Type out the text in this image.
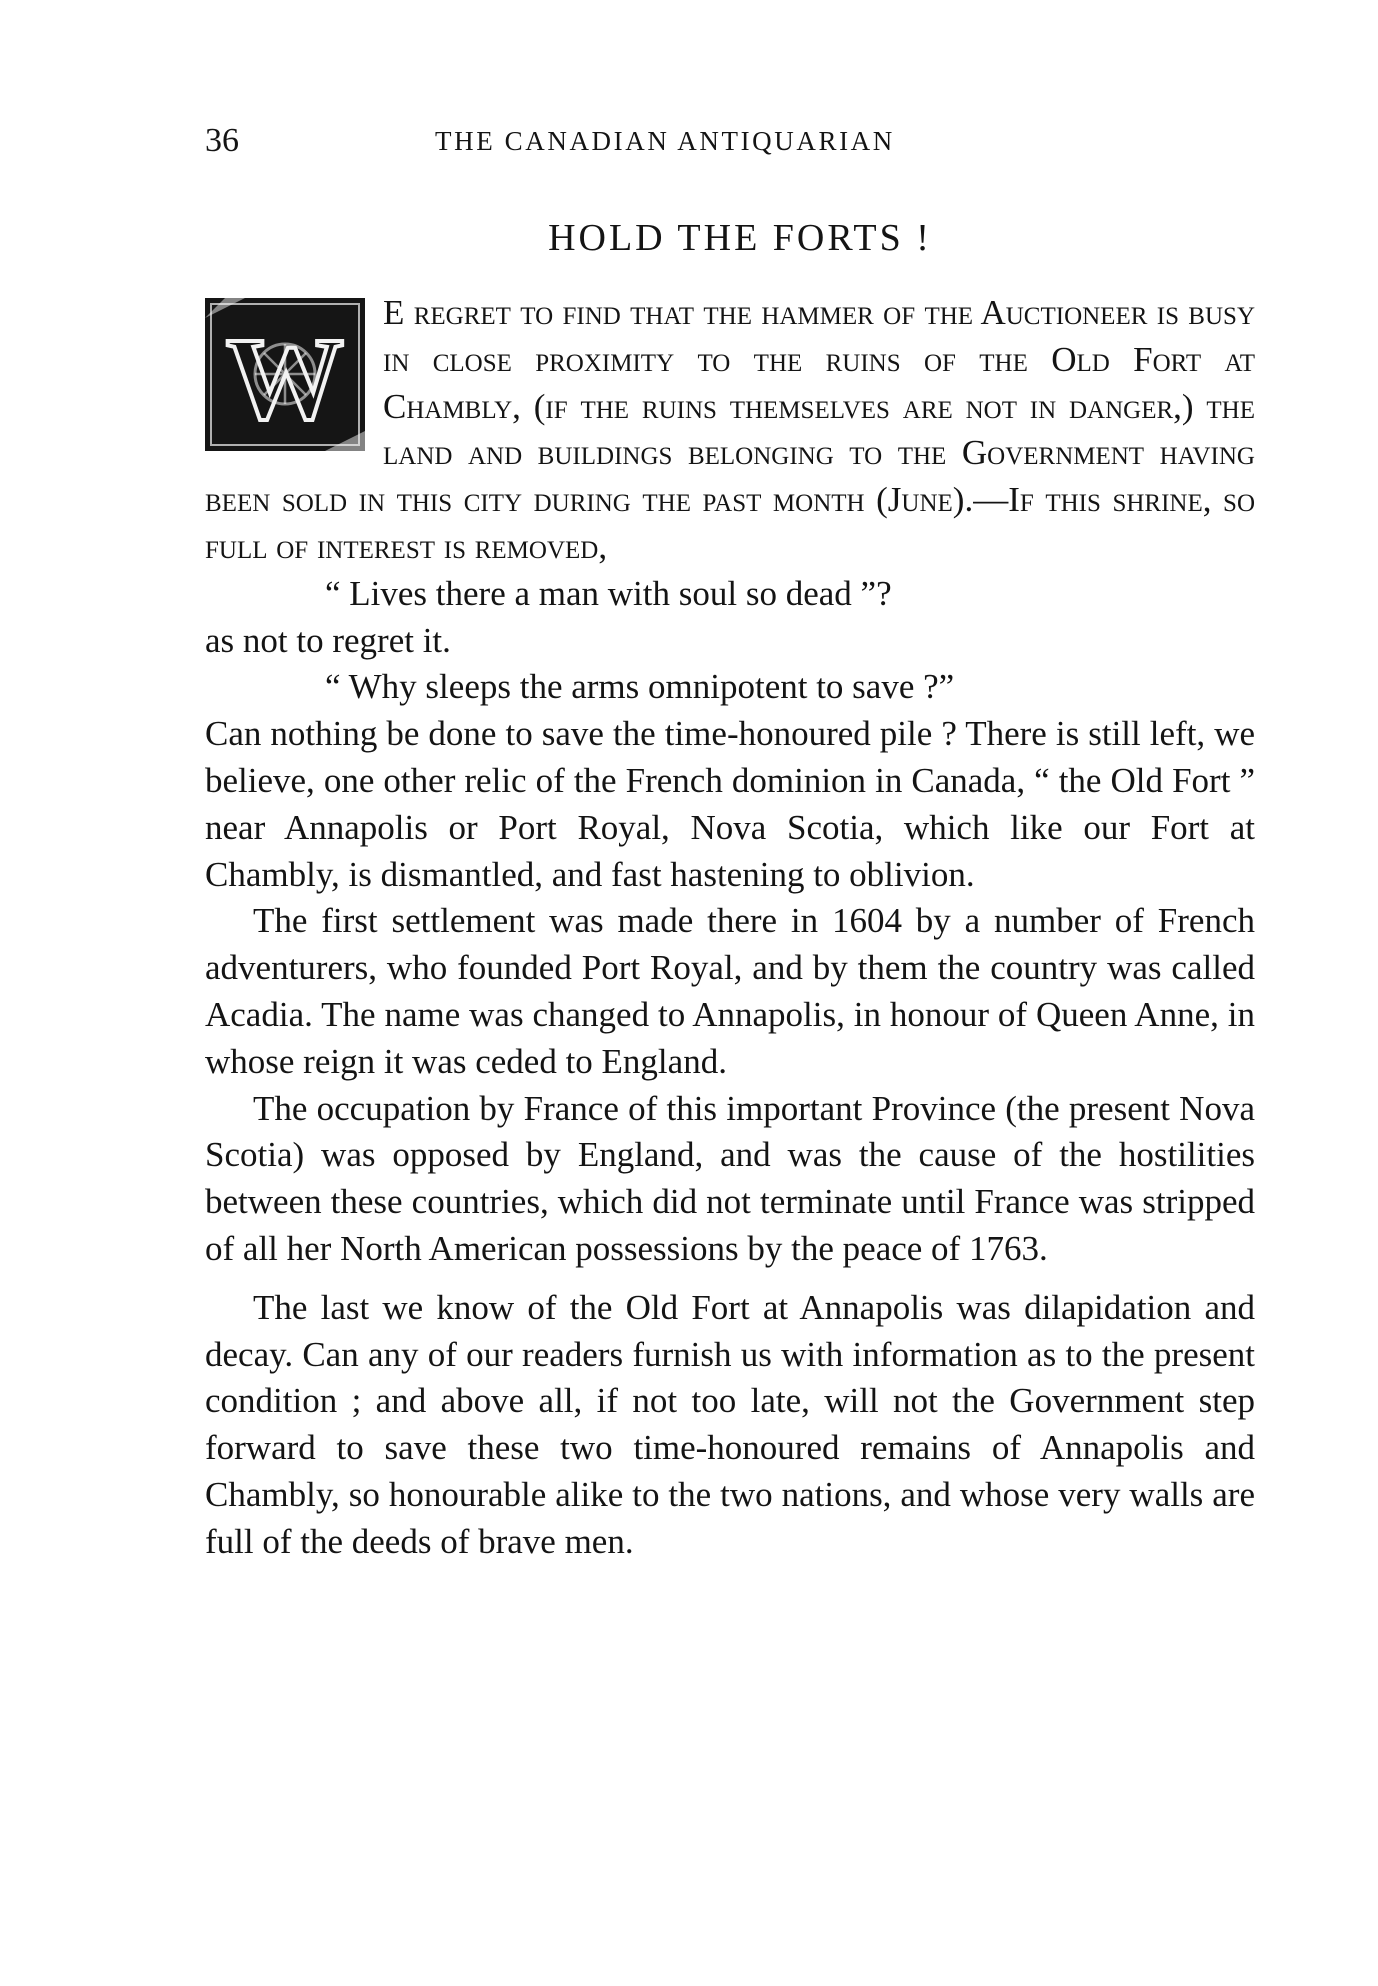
36	THE CANADIAN ANTIQUARIAN
HOLD THE FORTS !

W
E regret to find that the hammer of the Auctioneer is busy in close proximity to the ruins of the Old Fort at Chambly, (if the ruins themselves are not in danger,) the land and buildings belonging to the Government having been sold in this city during the past month (June).—If this shrine, so full of interest is removed,

“ Lives there a man with soul so dead ”?

as not to regret it.

“ Why sleeps the arms omnipotent to save ?”

Can nothing be done to save the time-honoured pile ? There is still left, we believe, one other relic of the French dominion in Canada, “ the Old Fort ” near Annapolis or Port Royal, Nova Scotia, which like our Fort at Chambly, is dismantled, and fast hastening to oblivion.

The first settlement was made there in 1604 by a number of French adventurers, who founded Port Royal, and by them the country was called Acadia. The name was changed to Annapolis, in honour of Queen Anne, in whose reign it was ceded to England.

The occupation by France of this important Province (the present Nova Scotia) was opposed by England, and was the cause of the hostilities between these countries, which did not terminate until France was stripped of all her North American possessions by the peace of 1763.

The last we know of the Old Fort at Annapolis was dilapidation and decay. Can any of our readers furnish us with information as to the present condition ; and above all, if not too late, will not the Government step forward to save these two time-honoured remains of Annapolis and Chambly, so honourable alike to the two nations, and whose very walls are full of the deeds of brave men.
